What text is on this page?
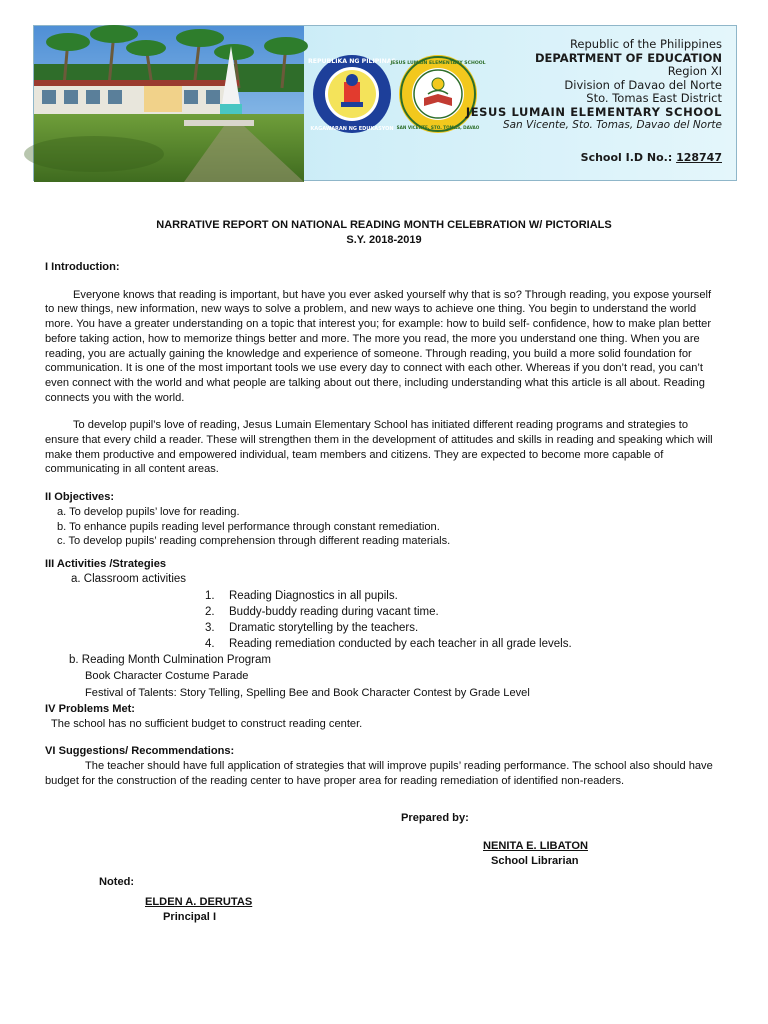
REPUBLIKA NG PILIPINAS
KAGAWARAN NG EDUKASYON
JESUS LUMAIN ELEMENTARY SCHOOL
SAN VICENTE, STO. TOMAS, DAVAO
Republic of the Philippines
DEPARTMENT OF EDUCATION
Region XI
Division of Davao del Norte
Sto. Tomas East District
JESUS LUMAIN ELEMENTARY SCHOOL
San Vicente, Sto. Tomas, Davao del Norte
School I.D No.: 128747
NARRATIVE REPORT ON NATIONAL READING MONTH CELEBRATION W/ PICTORIALS
S.Y. 2018-2019
I Introduction:

Everyone knows that reading is important, but have you ever asked yourself why that is so? Through reading, you expose yourself to new things, new information, new ways to solve a problem, and new ways to achieve one thing. You begin to understand the world more. You have a greater understanding on a topic that interest you; for example: how to build self- confidence, how to make plan better before taking action, how to memorize things better and more. The more you read, the more you understand one thing. When you are reading, you are actually gaining the knowledge and experience of someone. Through reading, you build a more solid foundation for communication. It is one of the most important tools we use every day to connect with each other. Whereas if you don’t read, you can’t even connect with the world and what people are talking about out there, including understanding what this article is all about. Reading connects you with the world.

To develop pupil’s love of reading, Jesus Lumain Elementary School has initiated different reading programs and strategies to ensure that every child a reader. These will strengthen them in the development of attitudes and skills in reading and speaking which will make them productive and empowered individual, team members and citizens. They are expected to become more capable of communicating in all content areas.

II Objectives:
a. To develop pupils’ love for reading.
b. To enhance pupils reading level performance through constant remediation.
c. To develop pupils’ reading comprehension through different reading materials.
III Activities /Strategies
a. Classroom activities
1.	Reading Diagnostics in all pupils.
2.	Buddy-buddy reading during vacant time.
3.	Dramatic storytelling by the teachers.
4.	Reading remediation conducted by each teacher in all grade levels.
b. Reading Month Culmination Program
Book Character Costume Parade
Festival of Talents: Story Telling, Spelling Bee and Book Character Contest by Grade Level
IV Problems Met:
The school has no sufficient budget to construct reading center.
VI Suggestions/ Recommendations:

The teacher should have full application of strategies that will improve pupils’ reading performance. The school also should have budget for the construction of the reading center to have proper area for reading remediation of identified non-readers.

Prepared by:
NENITA E. LIBATON
School Librarian
Noted:
ELDEN A. DERUTAS
Principal I
